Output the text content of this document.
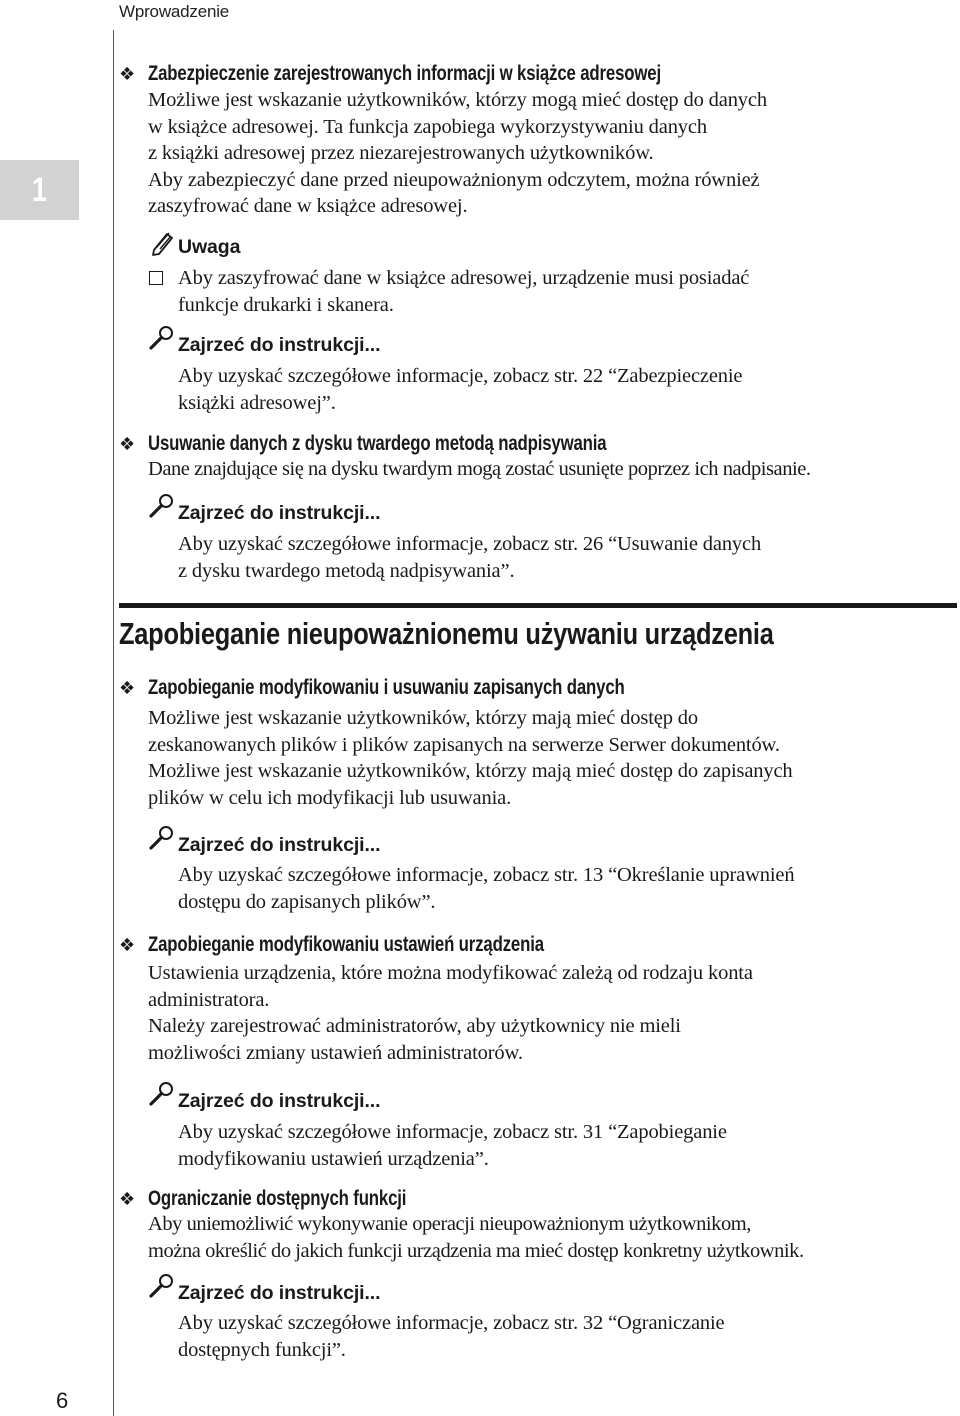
Wprowadzenie
1
6
❖ Zabezpieczenie zarejestrowanych informacji w książce adresowej
Możliwe jest wskazanie użytkowników, którzy mogą mieć dostęp do danych
w książce adresowej. Ta funkcja zapobiega wykorzystywaniu danych
z książki adresowej przez niezarejestrowanych użytkowników.
Aby zabezpieczyć dane przed nieupoważnionym odczytem, można również
zaszyfrować dane w książce adresowej.
Uwaga
Aby zaszyfrować dane w książce adresowej, urządzenie musi posiadać
funkcje drukarki i skanera.
Zajrzeć do instrukcji...
Aby uzyskać szczegółowe informacje, zobacz str. 22 “Zabezpieczenie
książki adresowej”.
❖ Usuwanie danych z dysku twardego metodą nadpisywania
Dane znajdujące się na dysku twardym mogą zostać usunięte poprzez ich nadpisanie.
Zajrzeć do instrukcji...
Aby uzyskać szczegółowe informacje, zobacz str. 26 “Usuwanie danych
z dysku twardego metodą nadpisywania”.
Zapobieganie nieupoważnionemu używaniu urządzenia
❖ Zapobieganie modyfikowaniu i usuwaniu zapisanych danych
Możliwe jest wskazanie użytkowników, którzy mają mieć dostęp do
zeskanowanych plików i plików zapisanych na serwerze Serwer dokumentów.
Możliwe jest wskazanie użytkowników, którzy mają mieć dostęp do zapisanych
plików w celu ich modyfikacji lub usuwania.
Zajrzeć do instrukcji...
Aby uzyskać szczegółowe informacje, zobacz str. 13 “Określanie uprawnień
dostępu do zapisanych plików”.
❖ Zapobieganie modyfikowaniu ustawień urządzenia
Ustawienia urządzenia, które można modyfikować zależą od rodzaju konta
administratora.
Należy zarejestrować administratorów, aby użytkownicy nie mieli
możliwości zmiany ustawień administratorów.
Zajrzeć do instrukcji...
Aby uzyskać szczegółowe informacje, zobacz str. 31 “Zapobieganie
modyfikowaniu ustawień urządzenia”.
❖ Ograniczanie dostępnych funkcji
Aby uniemożliwić wykonywanie operacji nieupoważnionym użytkownikom,
można określić do jakich funkcji urządzenia ma mieć dostęp konkretny użytkownik.
Zajrzeć do instrukcji...
Aby uzyskać szczegółowe informacje, zobacz str. 32 “Ograniczanie
dostępnych funkcji”.
